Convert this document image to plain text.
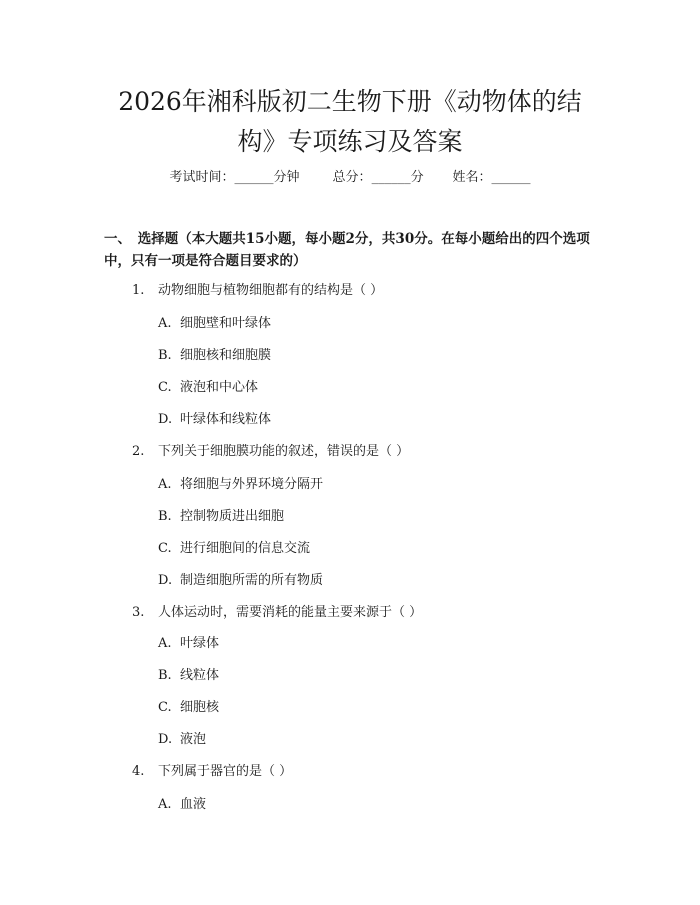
2026年湘科版初二生物下册《动物体的结构》专项练习及答案
考试时间：______分钟	总分：______分 姓名：______
一、　选择题（本大题共15小题，每小题2分，共30分。在每小题给出的四个选项中，只有一项是符合题目要求的）
1. 动物细胞与植物细胞都有的结构是（ ）
A. 细胞壁和叶绿体
B. 细胞核和细胞膜
C. 液泡和中心体
D. 叶绿体和线粒体
2. 下列关于细胞膜功能的叙述，错误的是（ ）
A. 将细胞与外界环境分隔开
B. 控制物质进出细胞
C. 进行细胞间的信息交流
D. 制造细胞所需的所有物质
3. 人体运动时，需要消耗的能量主要来源于（ ）
A. 叶绿体
B. 线粒体
C. 细胞核
D. 液泡
4. 下列属于器官的是（ ）
A. 血液
